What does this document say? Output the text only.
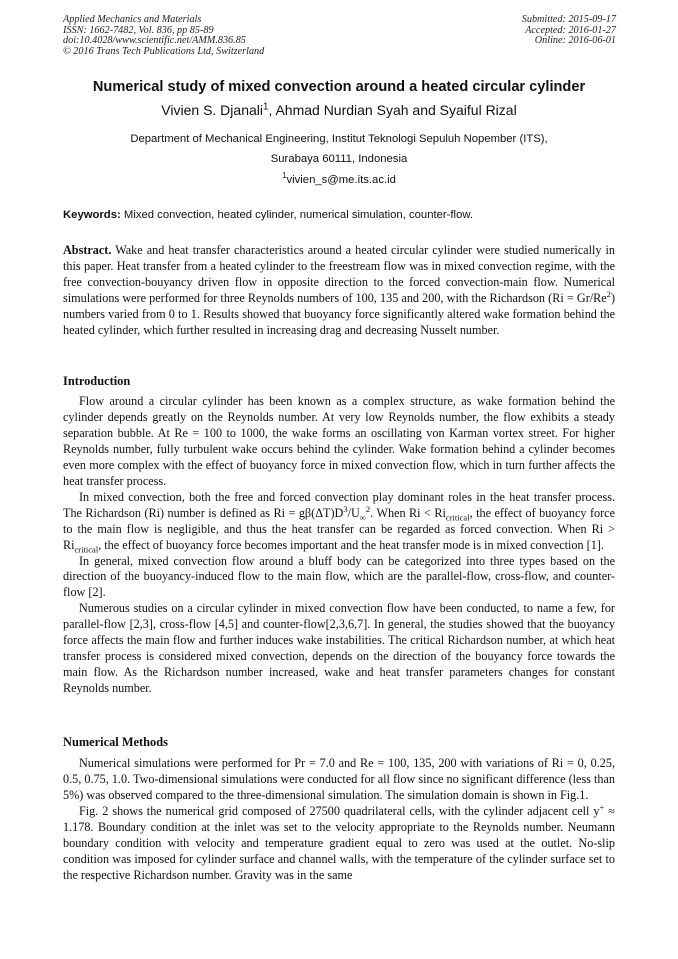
Applied Mechanics and Materials
ISSN: 1662-7482, Vol. 836, pp 85-89
doi:10.4028/www.scientific.net/AMM.836.85
© 2016 Trans Tech Publications Ltd, Switzerland
Submitted: 2015-09-17
Accepted: 2016-01-27
Online: 2016-06-01
Numerical study of mixed convection around a heated circular cylinder
Vivien S. Djanali$^1$, Ahmad Nurdian Syah and Syaiful Rizal
Department of Mechanical Engineering, Institut Teknologi Sepuluh Nopember (ITS),
Surabaya 60111, Indonesia
$^1$vivien_s@me.its.ac.id
Keywords: Mixed convection, heated cylinder, numerical simulation, counter-flow.

Abstract. Wake and heat transfer characteristics around a heated circular cylinder were studied numerically in this paper. Heat transfer from a heated cylinder to the freestream flow was in mixed convection regime, with the free convection-bouyancy driven flow in opposite direction to the forced convection-main flow. Numerical simulations were performed for three Reynolds numbers of 100, 135 and 200, with the Richardson $(Ri = Gr/Re^2)$ numbers varied from 0 to 1. Results showed that buoyancy force significantly altered wake formation behind the heated cylinder, which further resulted in increasing drag and decreasing Nusselt number.

Introduction

Flow around a circular cylinder has been known as a complex structure, as wake formation behind the cylinder depends greatly on the Reynolds number. At very low Reynolds number, the flow exhibits a steady separation bubble. At Re = 100 to 1000, the wake forms an oscillating von Karman vortex street. For higher Reynolds number, fully turbulent wake occurs behind the cylinder. Wake formation behind a cylinder becomes even more complex with the effect of buoyancy force in mixed convection flow, which in turn further affects the heat transfer process.

In mixed convection, both the free and forced convection play dominant roles in the heat transfer process. The Richardson (Ri) number is defined as $Ri = g\beta(\Delta T)D^3/U_\infty^2$. When $Ri < Ri_{critical}$, the effect of buoyancy force to the main flow is negligible, and thus the heat transfer can be regarded as forced convection. When $Ri > Ri_{critical}$, the effect of buoyancy force becomes important and the heat transfer mode is in mixed convection [1].

In general, mixed convection flow around a bluff body can be categorized into three types based on the direction of the buoyancy-induced flow to the main flow, which are the parallel-flow, cross-flow, and counter-flow [2].

Numerous studies on a circular cylinder in mixed convection flow have been conducted, to name a few, for parallel-flow [2,3], cross-flow [4,5] and counter-flow[2,3,6,7]. In general, the studies showed that the buoyancy force affects the main flow and further induces wake instabilities. The critical Richardson number, at which heat transfer process is considered mixed convection, depends on the direction of the bouyancy force towards the main flow. As the Richardson number increased, wake and heat transfer parameters changes for constant Reynolds number.

Numerical Methods

Numerical simulations were performed for Pr = 7.0 and Re = 100, 135, 200 with variations of Ri = 0, 0.25, 0.5, 0.75, 1.0. Two-dimensional simulations were conducted for all flow since no significant difference (less than 5%) was observed compared to the three-dimensional simulation. The simulation domain is shown in Fig.1.

Fig. 2 shows the numerical grid composed of 27500 quadrilateral cells, with the cylinder adjacent cell y+ ≈ 1.178. Boundary condition at the inlet was set to the velocity appropriate to the Reynolds number. Neumann boundary condition with velocity and temperature gradient equal to zero was used at the outlet. No-slip condition was imposed for cylinder surface and channel walls, with the temperature of the cylinder surface set to the respective Richardson number. Gravity was in the same
